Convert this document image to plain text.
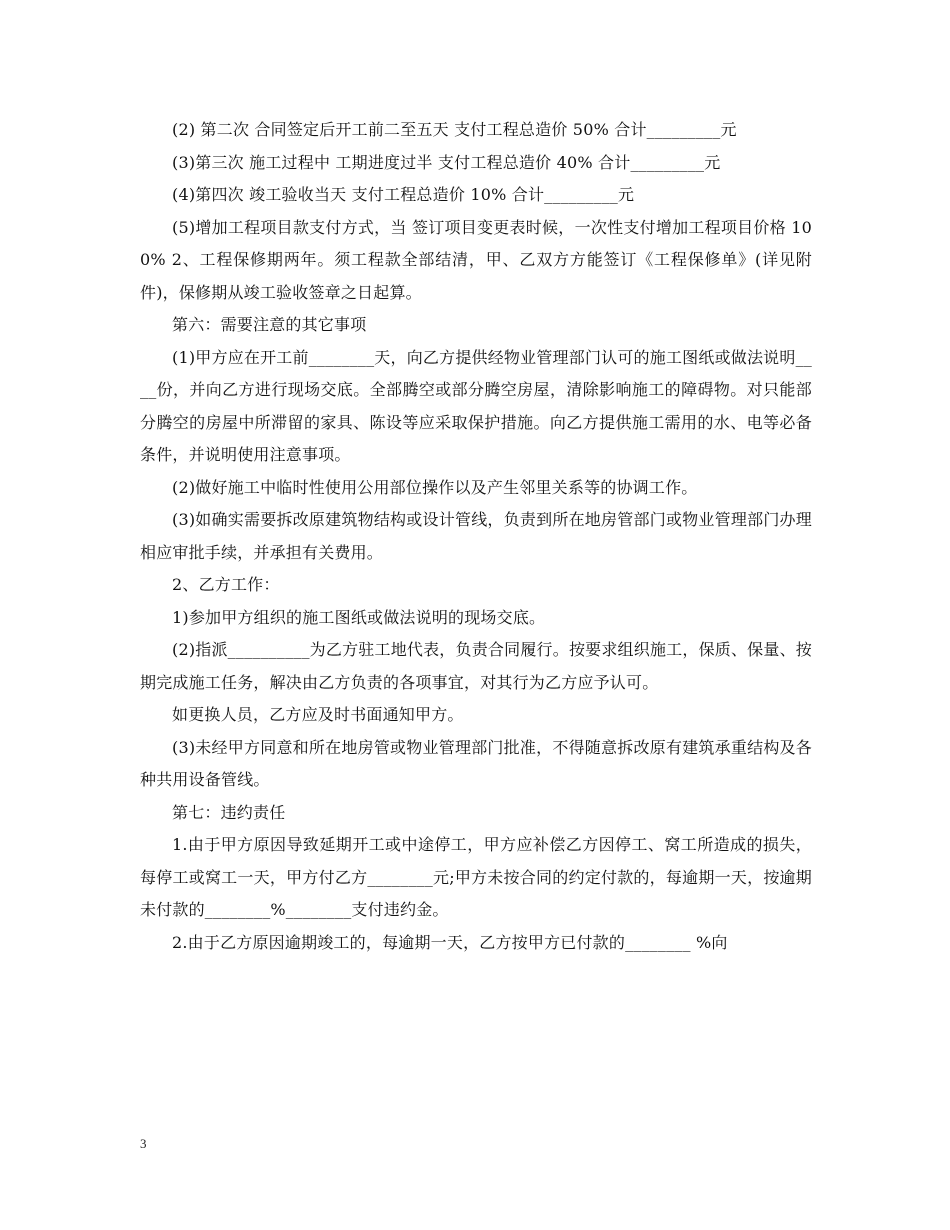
(2) 第二次 合同签定后开工前二至五天 支付工程总造价 50% 合计_________元

(3)第三次 施工过程中 工期进度过半 支付工程总造价 40% 合计_________元

(4)第四次 竣工验收当天 支付工程总造价 10% 合计_________元

(5)增加工程项目款支付方式，当 签订项目变更表时候，一次性支付增加工程项目价格 100% 2、工程保修期两年。须工程款全部结清，甲、乙双方方能签订《工程保修单》(详见附件)，保修期从竣工验收签章之日起算。

第六：需要注意的其它事项

(1)甲方应在开工前________天，向乙方提供经物业管理部门认可的施工图纸或做法说明____份，并向乙方进行现场交底。全部腾空或部分腾空房屋，清除影响施工的障碍物。对只能部分腾空的房屋中所滞留的家具、陈设等应采取保护措施。向乙方提供施工需用的水、电等必备条件，并说明使用注意事项。

(2)做好施工中临时性使用公用部位操作以及产生邻里关系等的协调工作。

(3)如确实需要拆改原建筑物结构或设计管线，负责到所在地房管部门或物业管理部门办理相应审批手续，并承担有关费用。

2、乙方工作：

1)参加甲方组织的施工图纸或做法说明的现场交底。

(2)指派__________为乙方驻工地代表，负责合同履行。按要求组织施工，保质、保量、按期完成施工任务，解决由乙方负责的各项事宜，对其行为乙方应予认可。

如更换人员，乙方应及时书面通知甲方。

(3)未经甲方同意和所在地房管或物业管理部门批准，不得随意拆改原有建筑承重结构及各种共用设备管线。

第七：违约责任

1.由于甲方原因导致延期开工或中途停工，甲方应补偿乙方因停工、窝工所造成的损失，每停工或窝工一天，甲方付乙方________元;甲方未按合同的约定付款的，每逾期一天，按逾期未付款的________%________支付违约金。

2.由于乙方原因逾期竣工的，每逾期一天，乙方按甲方已付款的________ %向

3
